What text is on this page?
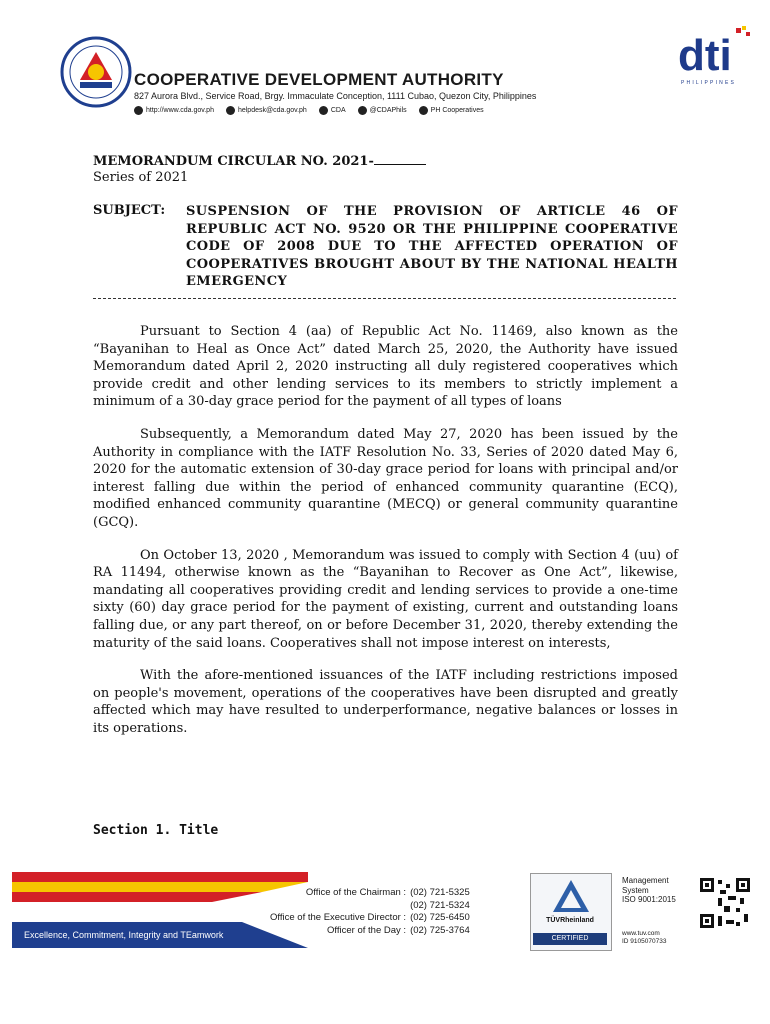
COOPERATIVE DEVELOPMENT AUTHORITY
827 Aurora Blvd., Service Road, Brgy. Immaculate Conception, 1111 Cubao, Quezon City, Philippines
http://www.cda.gov.ph	helpdesk@cda.gov.ph	CDA	@CDAPhils	PH Cooperatives
dti
PHILIPPINES
MEMORANDUM CIRCULAR NO. 2021-
Series of 2021
SUBJECT: SUSPENSION OF THE PROVISION OF ARTICLE 46 OF REPUBLIC ACT NO. 9520 OR THE PHILIPPINE COOPERATIVE CODE OF 2008 DUE TO THE AFFECTED OPERATION OF COOPERATIVES BROUGHT ABOUT BY THE NATIONAL HEALTH EMERGENCY

Pursuant to Section 4 (aa) of Republic Act No. 11469, also known as the “Bayanihan to Heal as Once Act” dated March 25, 2020, the Authority have issued Memorandum dated April 2, 2020 instructing all duly registered cooperatives which provide credit and other lending services to its members to strictly implement a minimum of a 30-day grace period for the payment of all types of loans

Subsequently, a Memorandum dated May 27, 2020 has been issued by the Authority in compliance with the IATF Resolution No. 33, Series of 2020 dated May 6, 2020 for the automatic extension of 30-day grace period for loans with principal and/or interest falling due within the period of enhanced community quarantine (ECQ), modified enhanced community quarantine (MECQ) or general community quarantine (GCQ).

On October 13, 2020 , Memorandum was issued to comply with Section 4 (uu) of RA 11494, otherwise known as the “Bayanihan to Recover as One Act”, likewise, mandating all cooperatives providing credit and lending services to provide a one-time sixty (60) day grace period for the payment of existing, current and outstanding loans falling due, or any part thereof, on or before December 31, 2020, thereby extending the maturity of the said loans. Cooperatives shall not impose interest on interests,

With the afore-mentioned issuances of the IATF including restrictions imposed on people's movement, operations of the cooperatives have been disrupted and greatly affected which may have resulted to underperformance, negative balances or losses in its operations.

Section 1. Title
Excellence, Commitment, Integrity and TEamwork
Office of the Chairman : (02) 721-5325
(02) 721-5324
Office of the Executive Director : (02) 725-6450
Officer of the Day : (02) 725-3764
TÜVRheinland
CERTIFIED
Management
System
ISO 9001:2015
www.tuv.com
ID 9105070733
